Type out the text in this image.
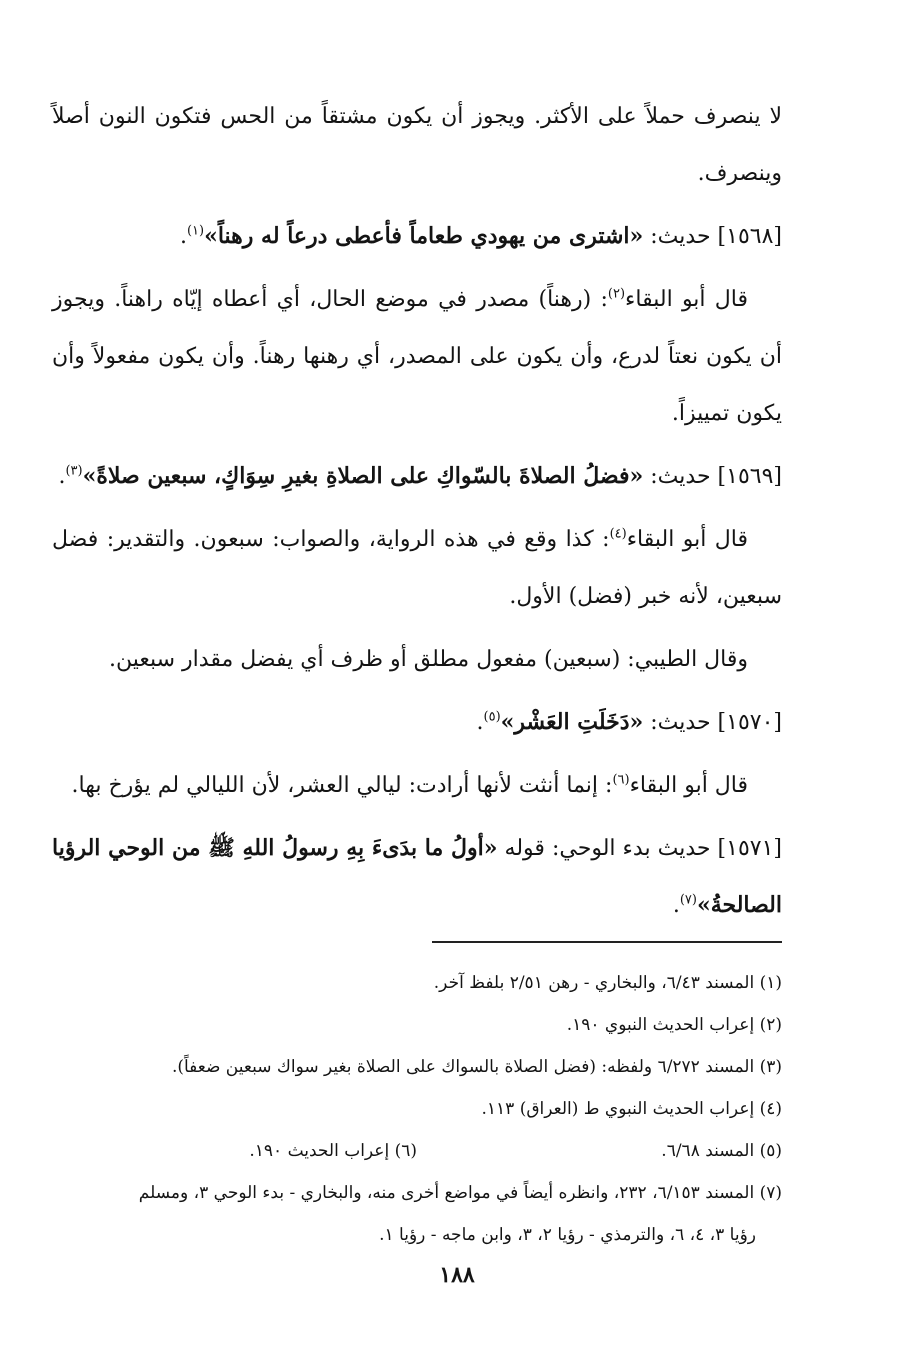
لا ينصرف حملاً على الأكثر. ويجوز أن يكون مشتقاً من الحس فتكون النون أصلاً وينصرف.

[١٥٦٨] حديث: «اشترى من يهودي طعاماً فأعطى درعاً له رهناً»$^{(١)}$.

قال أبو البقاء$^{(٢)}$: (رهناً) مصدر في موضع الحال، أي أعطاه إيّاه راهناً. ويجوز أن يكون نعتاً لدرع، وأن يكون على المصدر، أي رهنها رهناً. وأن يكون مفعولاً وأن يكون تمييزاً.

[١٥٦٩] حديث: «فضلُ الصلاةَ بالسّواكِ على الصلاةِ بغيرِ سِوَاكٍ، سبعين صلاةً»$^{(٣)}$.

قال أبو البقاء$^{(٤)}$: كذا وقع في هذه الرواية، والصواب: سبعون. والتقدير: فضل سبعين، لأنه خبر (فضل) الأول.

وقال الطيبي: (سبعين) مفعول مطلق أو ظرف أي يفضل مقدار سبعين.

[١٥٧٠] حديث: «دَخَلَتِ العَشْر»$^{(٥)}$.

قال أبو البقاء$^{(٦)}$: إنما أنثت لأنها أرادت: ليالي العشر، لأن الليالي لم يؤرخ بها.

[١٥٧١] حديث بدء الوحي: قوله «أولُ ما بدَىءَ بِهِ رسولُ اللهِ ﷺ من الوحي الرؤيا الصالحةُ»$^{(٧)}$.

(١) المسند ٦/٤٣، والبخاري - رهن ٢/٥١ بلفظ آخر.

(٢) إعراب الحديث النبوي ١٩٠.

(٣) المسند ٦/٢٧٢ ولفظه: (فضل الصلاة بالسواك على الصلاة بغير سواك سبعين ضعفاً).

(٤) إعراب الحديث النبوي ط (العراق) ١١٣.

(٥) المسند ٦/٦٨.
(٦) إعراب الحديث ١٩٠.

(٧) المسند ٦/١٥٣، ٢٣٢، وانظره أيضاً في مواضع أخرى منه، والبخاري - بدء الوحي ٣، ومسلم

رؤيا ٣، ٤، ٦، والترمذي - رؤيا ٢، ٣، وابن ماجه - رؤيا ١.

١٨٨
